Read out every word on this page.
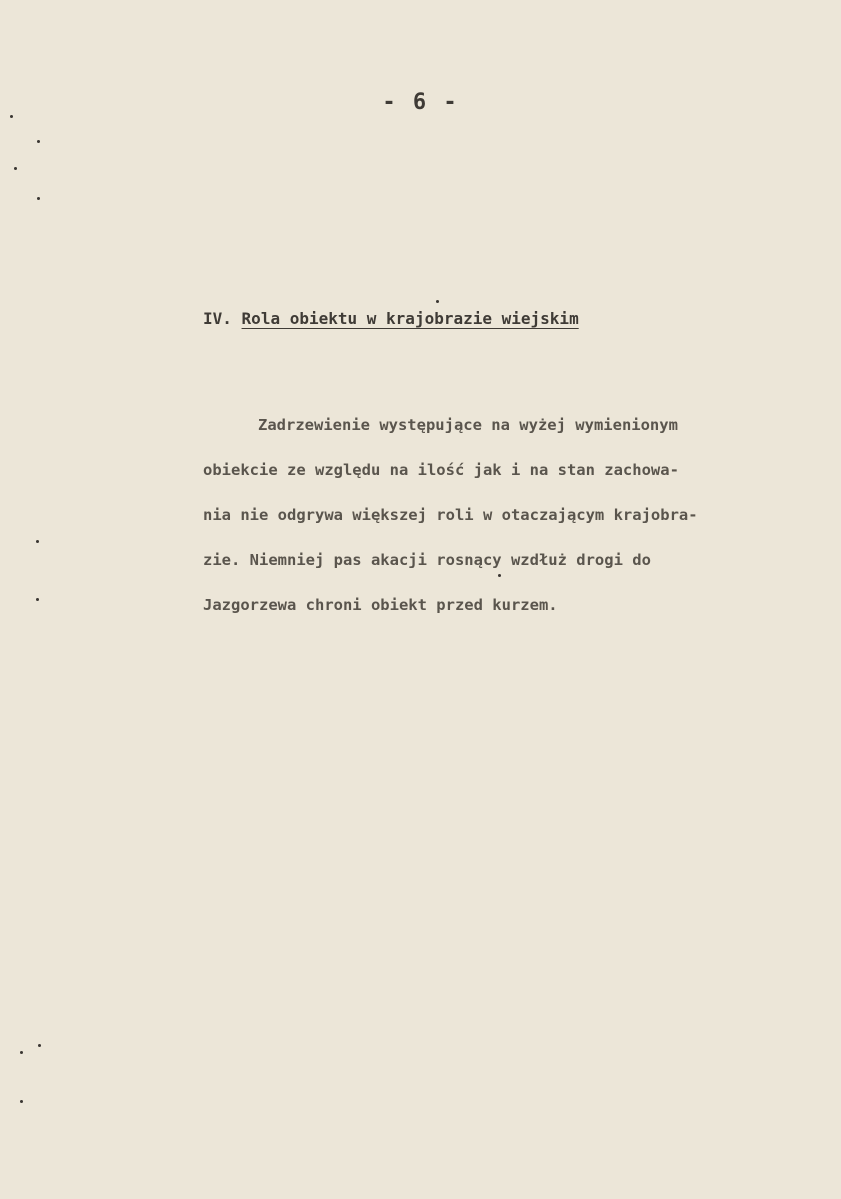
- 6 -
IV. Rola obiektu w krajobrazie wiejskim
Zadrzewienie występujące na wyżej wymienionym
obiekcie ze względu na ilość jak i na stan zachowa-
nia nie odgrywa większej roli w otaczającym krajobra-
zie. Niemniej pas akacji rosnący wzdłuż drogi do
Jazgorzewa chroni obiekt przed kurzem.
